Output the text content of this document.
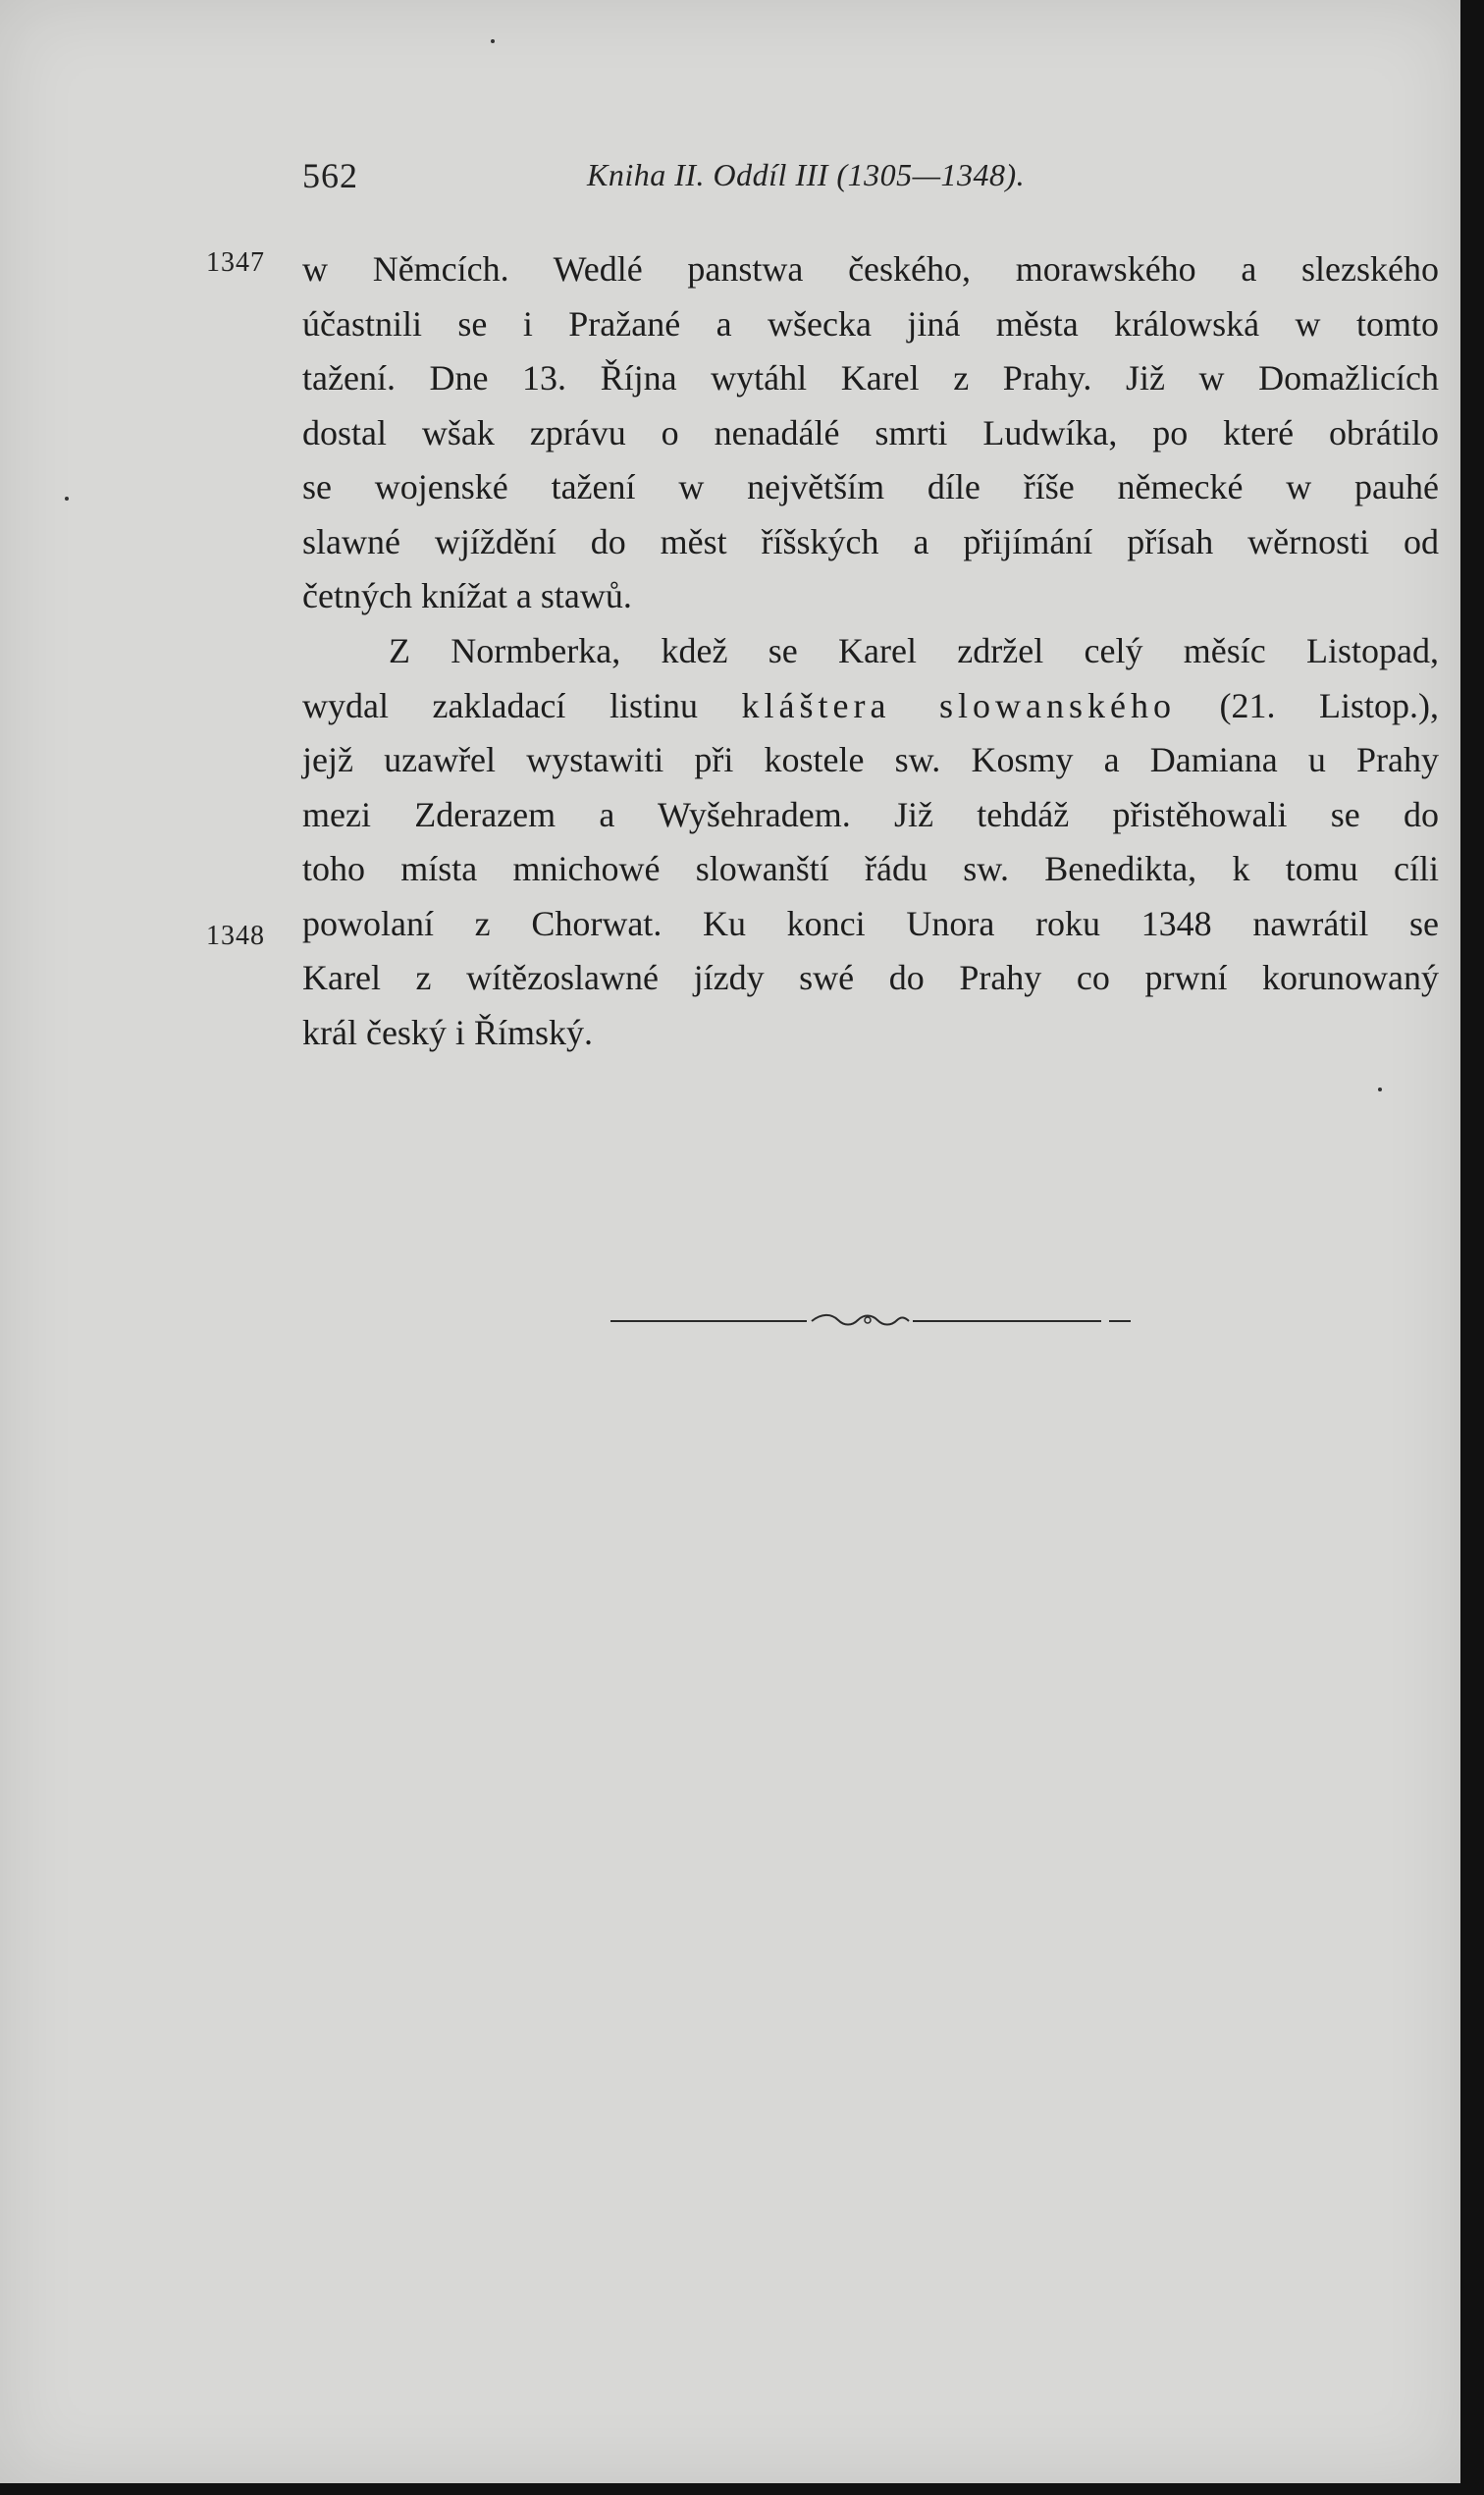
562	Kniha II. Oddíl III (1305—1348).
1347
1348
w Němcích. Wedlé panstwa českého, morawského a slezského
účastnili se i Pražané a wšecka jiná města králowská w tomto
tažení. Dne 13. Října wytáhl Karel z Prahy. Již w Domažlicích
dostal wšak zprávu o nenadálé smrti Ludwíka, po které obrátilo
se wojenské tažení w největším díle říše německé w pauhé
slawné wjíždění do měst říšských a přijímání přísah wěrnosti od
četných knížat a stawů.
Z Normberka, kdež se Karel zdržel celý měsíc Listopad,
wydal zakladací listinu kláštera slowanského (21. Listop.),
jejž uzawřel wystawiti při kostele sw. Kosmy a Damiana u Prahy
mezi Zderazem a Wyšehradem. Již tehdáž přistěhowali se do
toho místa mnichowé slowanští řádu sw. Benedikta, k tomu cíli
powolaní z Chorwat. Ku konci Unora roku 1348 nawrátil se
Karel z wítězoslawné jízdy swé do Prahy co prwní korunowaný
král český i Římský.
